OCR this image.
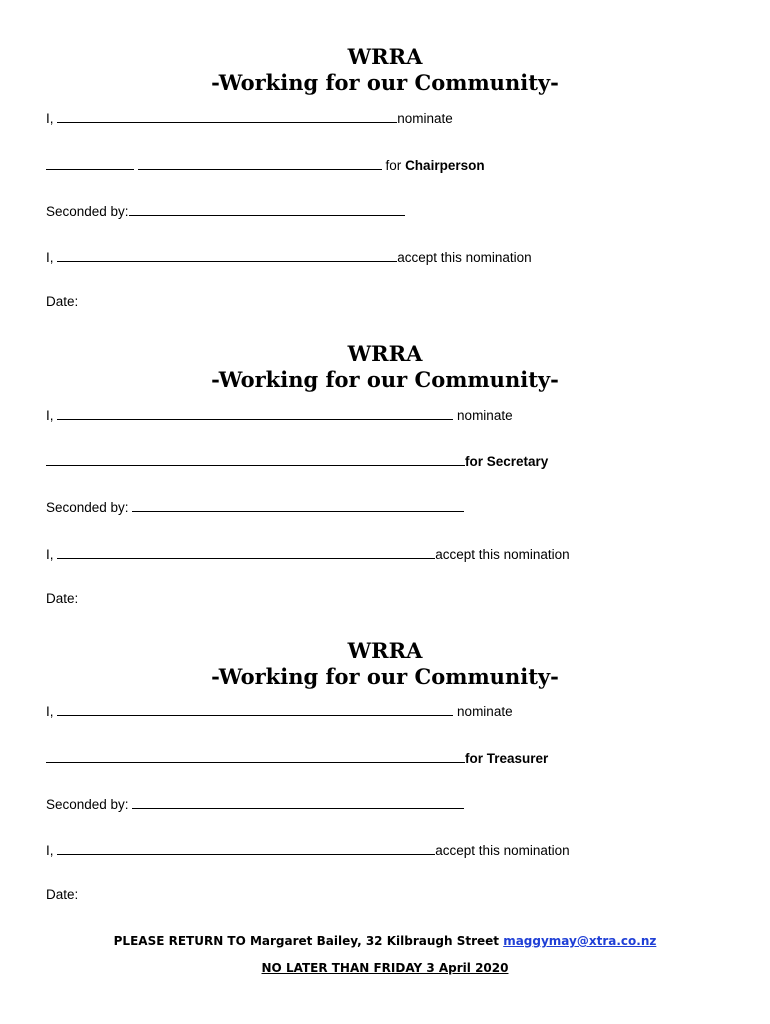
WRRA
-Working for our Community-
I,	nominate
for Chairperson
Seconded by:
I,	accept this nomination
Date:
WRRA
-Working for our Community-
I,	nominate
for Secretary
Seconded by:
I,	accept this nomination
Date:
WRRA
-Working for our Community-
I,	nominate
for Treasurer
Seconded by:
I,	accept this nomination
Date:
PLEASE RETURN TO Margaret Bailey, 32 Kilbraugh Street maggymay@xtra.co.nz
NO LATER THAN FRIDAY 3 April 2020
